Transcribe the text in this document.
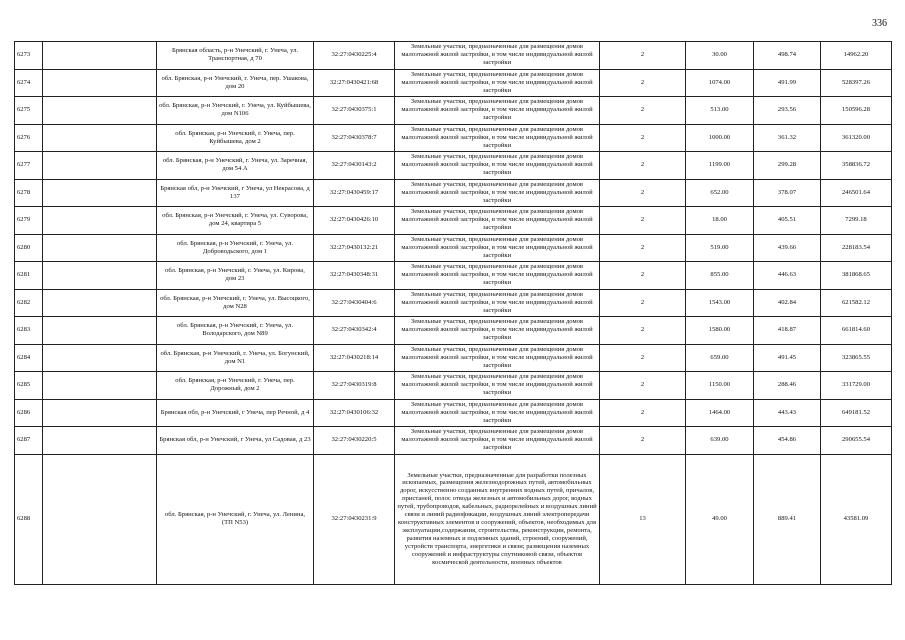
336
6273		Брянская область, р-н Унечский, г. Унеча, ул. Транспортная, д 70	32:27:0430225:4	Земельные участки, предназначенные для размещения домов малоэтажной жилой застройки, в том числе индивидуальной жилой застройки	2	30.00	498.74	14962.20
6274		обл. Брянская, р-н Унечский, г. Унеча, пер. Ушакова, дом 20	32:27:0430421:68	Земельные участки, предназначенные для размещения домов малоэтажной жилой застройки, в том числе индивидуальной жилой застройки	2	1074.00	491.99	528397.26
6275		обл. Брянская, р-н Унечский, г. Унеча, ул. Куйбышева, дом N106	32:27:0430375:1	Земельные участки, предназначенные для размещения домов малоэтажной жилой застройки, в том числе индивидуальной жилой застройки	2	513.00	293.56	150596.28
6276		обл. Брянская, р-н Унечский, г. Унеча, пер. Куйбышева, дом 2	32:27:0430378:7	Земельные участки, предназначенные для размещения домов малоэтажной жилой застройки, в том числе индивидуальной жилой застройки	2	1000.00	361.32	361320.00
6277		обл. Брянская, р-н Унечский, г. Унеча, ул. Заречная, дом 54 А	32:27:0430143:2	Земельные участки, предназначенные для размещения домов малоэтажной жилой застройки, в том числе индивидуальной жилой застройки	2	1199.00	299.28	358836.72
6278		Брянская обл, р-н Унечский, г Унеча, ул Некрасова, д 137	32:27:0430459:17	Земельные участки, предназначенные для размещения домов малоэтажной жилой застройки, в том числе индивидуальной жилой застройки	2	652.00	378.07	246501.64
6279		обл. Брянская, р-н Унечский, г. Унеча, ул. Суворова, дом 24, квартира 5	32:27:0430426:10	Земельные участки, предназначенные для размещения домов малоэтажной жилой застройки, в том числе индивидуальной жилой застройки	2	18.00	405.51	7299.18
6280		обл. Брянская, р-н Унечский, г. Унеча, ул. Доброводьского, дом 1	32:27:0430132:21	Земельные участки, предназначенные для размещения домов малоэтажной жилой застройки, в том числе индивидуальной жилой застройки	2	519.00	439.66	228183.54
6281		обл. Брянская, р-н Унечский, г. Унеча, ул. Кирова, дом 23	32:27:0430348:31	Земельные участки, предназначенные для размещения домов малоэтажной жилой застройки, в том числе индивидуальной жилой застройки	2	855.00	446.63	381868.65
6282		обл. Брянская, р-н Унечский, г. Унеча, ул. Высоцкого, дом N28	32:27:0430404:6	Земельные участки, предназначенные для размещения домов малоэтажной жилой застройки, в том числе индивидуальной жилой застройки	2	1543.00	402.84	621582.12
6283		обл. Брянская, р-н Унечский, г. Унеча, ул. Володарского, дом N89	32:27:0430342:4	Земельные участки, предназначенные для размещения домов малоэтажной жилой застройки, в том числе индивидуальной жилой застройки	2	1580.00	418.87	661814.60
6284		обл. Брянская, р-н Унечский, г. Унеча, ул. Богунский, дом N1	32:27:0430218:14	Земельные участки, предназначенные для размещения домов малоэтажной жилой застройки, в том числе индивидуальной жилой застройки	2	659.00	491.45	323865.55
6285		обл. Брянская, р-н Унечский, г. Унеча, пер. Дорожный, дом 2	32:27:0430319:8	Земельные участки, предназначенные для размещения домов малоэтажной жилой застройки, в том числе индивидуальной жилой застройки	2	1150.00	288.46	331729.00
6286		Брянская обл, р-н Унечский, г Унеча, пер Речной, д 4	32:27:0430106:32	Земельные участки, предназначенные для размещения домов малоэтажной жилой застройки, в том числе индивидуальной жилой застройки	2	1464.00	443.43	649181.52
6287		Брянская обл, р-н Унечский, г Унеча, ул Садовая, д 23	32:27:0430220:5	Земельные участки, предназначенные для размещения домов малоэтажной жилой застройки, в том числе индивидуальной жилой застройки	2	639.00	454.86	290655.54
6288		обл. Брянская, р-н Унечский, г. Унеча, ул. Ленина, (ТП N53)	32:27:0430231:9	Земельные участки, предназначенные для разработки полезных ископаемых, размещения железнодорожных путей, автомобильных дорог, искусственно созданных внутренних водных путей, причалов, пристаней, полос отвода железных и автомобильных дорог, водных путей, трубопроводов, кабельных, радиорелейных и воздушных линий связи и линий радиофикации, воздушных линий электропередачи конструктивных элементов и сооружений, объектов, необходимых для эксплуатации,содержания, строительства, реконструкции, ремонта, развития наземных и подземных зданий, строений, сооружений, устройств транспорта, энергетики и связи; размещения наземных сооружений и инфраструктуры спутниковой связи, объектов космической деятельности, военных объектов	13	49.00	889.41	43581.09
